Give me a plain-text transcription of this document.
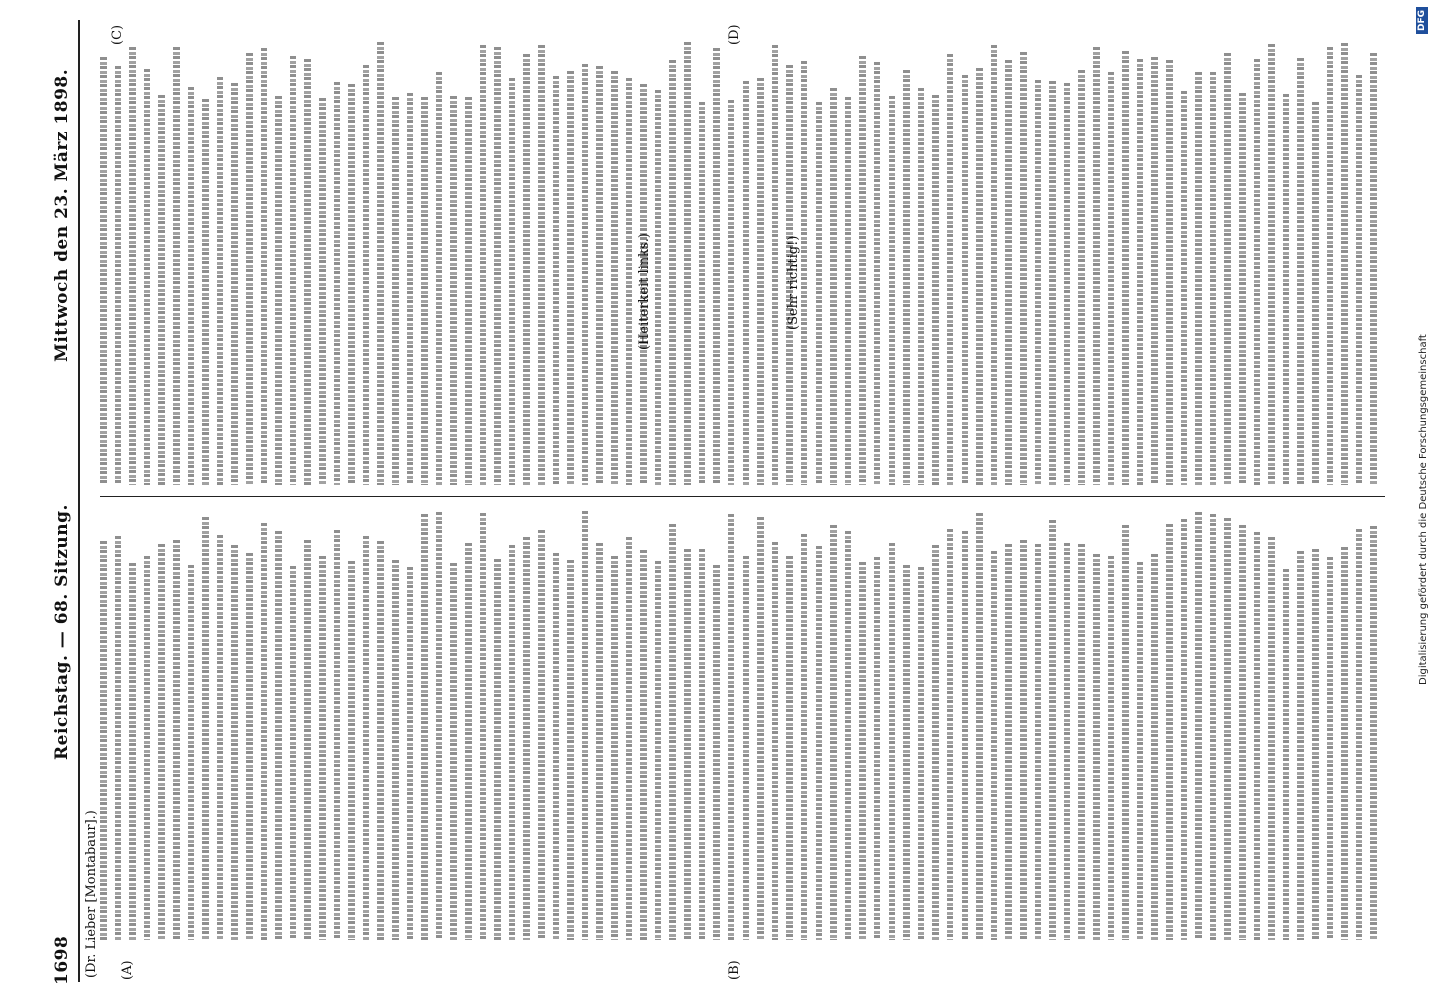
1698
Reichstag. — 68. Sitzung.
Mittwoch den 23. März 1898.
(Dr. Lieber [Montabaur].) (A)	(B)
(C)	(D)
(Heiterkeit links.)	(Sehr richtig!)
Digitalisierung gefördert durch die Deutsche Forschungsgemeinschaft
DFG
